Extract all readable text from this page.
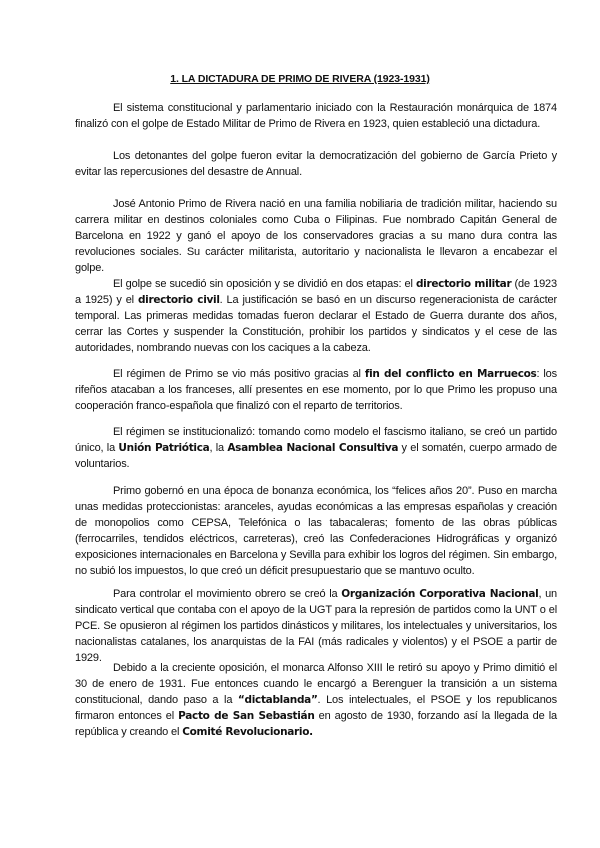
1. LA DICTADURA DE PRIMO DE RIVERA (1923-1931)

El sistema constitucional y parlamentario iniciado con la Restauración monárquica de 1874 finalizó con el golpe de Estado Militar de Primo de Rivera en 1923, quien estableció una dictadura.

Los detonantes del golpe fueron evitar la democratización del gobierno de García Prieto y evitar las repercusiones del desastre de Annual.

José Antonio Primo de Rivera nació en una familia nobiliaria de tradición militar, haciendo su carrera militar en destinos coloniales como Cuba o Filipinas. Fue nombrado Capitán General de Barcelona en 1922 y ganó el apoyo de los conservadores gracias a su mano dura contra las revoluciones sociales. Su carácter militarista, autoritario y nacionalista le llevaron a encabezar el golpe.

El golpe se sucedió sin oposición y se dividió en dos etapas: el directorio militar (de 1923 a 1925) y el directorio civil. La justificación se basó en un discurso regeneracionista de carácter temporal. Las primeras medidas tomadas fueron declarar el Estado de Guerra durante dos años, cerrar las Cortes y suspender la Constitución, prohibir los partidos y sindicatos y el cese de las autoridades, nombrando nuevas con los caciques a la cabeza.

El régimen de Primo se vio más positivo gracias al fin del conflicto en Marruecos: los rifeños atacaban a los franceses, allí presentes en ese momento, por lo que Primo les propuso una cooperación franco-española que finalizó con el reparto de territorios.

El régimen se institucionalizó: tomando como modelo el fascismo italiano, se creó un partido único, la Unión Patriótica, la Asamblea Nacional Consultiva y el somatén, cuerpo armado de voluntarios.

Primo gobernó en una época de bonanza económica, los “felices años 20”. Puso en marcha unas medidas proteccionistas: aranceles, ayudas económicas a las empresas españolas y creación de monopolios como CEPSA, Telefónica o las tabacaleras; fomento de las obras públicas (ferrocarriles, tendidos eléctricos, carreteras), creó las Confederaciones Hidrográficas y organizó exposiciones internacionales en Barcelona y Sevilla para exhibir los logros del régimen. Sin embargo, no subió los impuestos, lo que creó un déficit presupuestario que se mantuvo oculto.

Para controlar el movimiento obrero se creó la Organización Corporativa Nacional, un sindicato vertical que contaba con el apoyo de la UGT para la represión de partidos como la UNT o el PCE. Se opusieron al régimen los partidos dinásticos y militares, los intelectuales y universitarios, los nacionalistas catalanes, los anarquistas de la FAI (más radicales y violentos) y el PSOE a partir de 1929.

Debido a la creciente oposición, el monarca Alfonso XIII le retiró su apoyo y Primo dimitió el 30 de enero de 1931. Fue entonces cuando le encargó a Berenguer la transición a un sistema constitucional, dando paso a la “dictablanda”. Los intelectuales, el PSOE y los republicanos firmaron entonces el Pacto de San Sebastián en agosto de 1930, forzando así la llegada de la república y creando el Comité Revolucionario.
